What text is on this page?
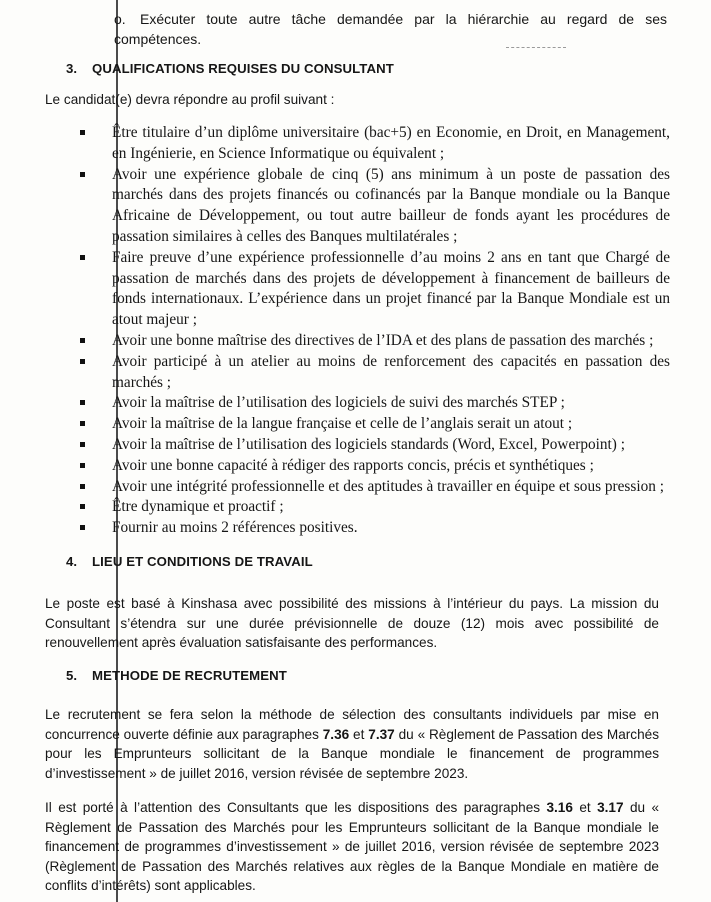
o. Exécuter toute autre tâche demandée par la hiérarchie au regard de ses compétences.
3. QUALIFICATIONS REQUISES DU CONSULTANT

Le candidat(e) devra répondre au profil suivant :

Être titulaire d’un diplôme universitaire (bac+5) en Economie, en Droit, en Management, en Ingénierie, en Science Informatique ou équivalent ;
Avoir une expérience globale de cinq (5) ans minimum à un poste de passation des marchés dans des projets financés ou cofinancés par la Banque mondiale ou la Banque Africaine de Développement, ou tout autre bailleur de fonds ayant les procédures de passation similaires à celles des Banques multilatérales ;
Faire preuve d’une expérience professionnelle d’au moins 2 ans en tant que Chargé de passation de marchés dans des projets de développement à financement de bailleurs de fonds internationaux. L’expérience dans un projet financé par la Banque Mondiale est un atout majeur ;
Avoir une bonne maîtrise des directives de l’IDA et des plans de passation des marchés ;
Avoir participé à un atelier au moins de renforcement des capacités en passation des marchés ;
Avoir la maîtrise de l’utilisation des logiciels de suivi des marchés STEP ;
Avoir la maîtrise de la langue française et celle de l’anglais serait un atout ;
Avoir la maîtrise de l’utilisation des logiciels standards (Word, Excel, Powerpoint) ;
Avoir une bonne capacité à rédiger des rapports concis, précis et synthétiques ;
Avoir une intégrité professionnelle et des aptitudes à travailler en équipe et sous pression ;
Être dynamique et proactif ;
Fournir au moins 2 références positives.
4. LIEU ET CONDITIONS DE TRAVAIL

Le poste est basé à Kinshasa avec possibilité des missions à l’intérieur du pays. La mission du Consultant s’étendra sur une durée prévisionnelle de douze (12) mois avec possibilité de renouvellement après évaluation satisfaisante des performances.

5. METHODE DE RECRUTEMENT

Le recrutement se fera selon la méthode de sélection des consultants individuels par mise en concurrence ouverte définie aux paragraphes 7.36 et 7.37 du « Règlement de Passation des Marchés pour les Emprunteurs sollicitant de la Banque mondiale le financement de programmes d’investissement » de juillet 2016, version révisée de septembre 2023.

Il est porté à l’attention des Consultants que les dispositions des paragraphes 3.16 et 3.17 du « Règlement de Passation des Marchés pour les Emprunteurs sollicitant de la Banque mondiale le financement de programmes d’investissement » de juillet 2016, version révisée de septembre 2023 (Règlement de Passation des Marchés relatives aux règles de la Banque Mondiale en matière de conflits d’intérêts) sont applicables.
